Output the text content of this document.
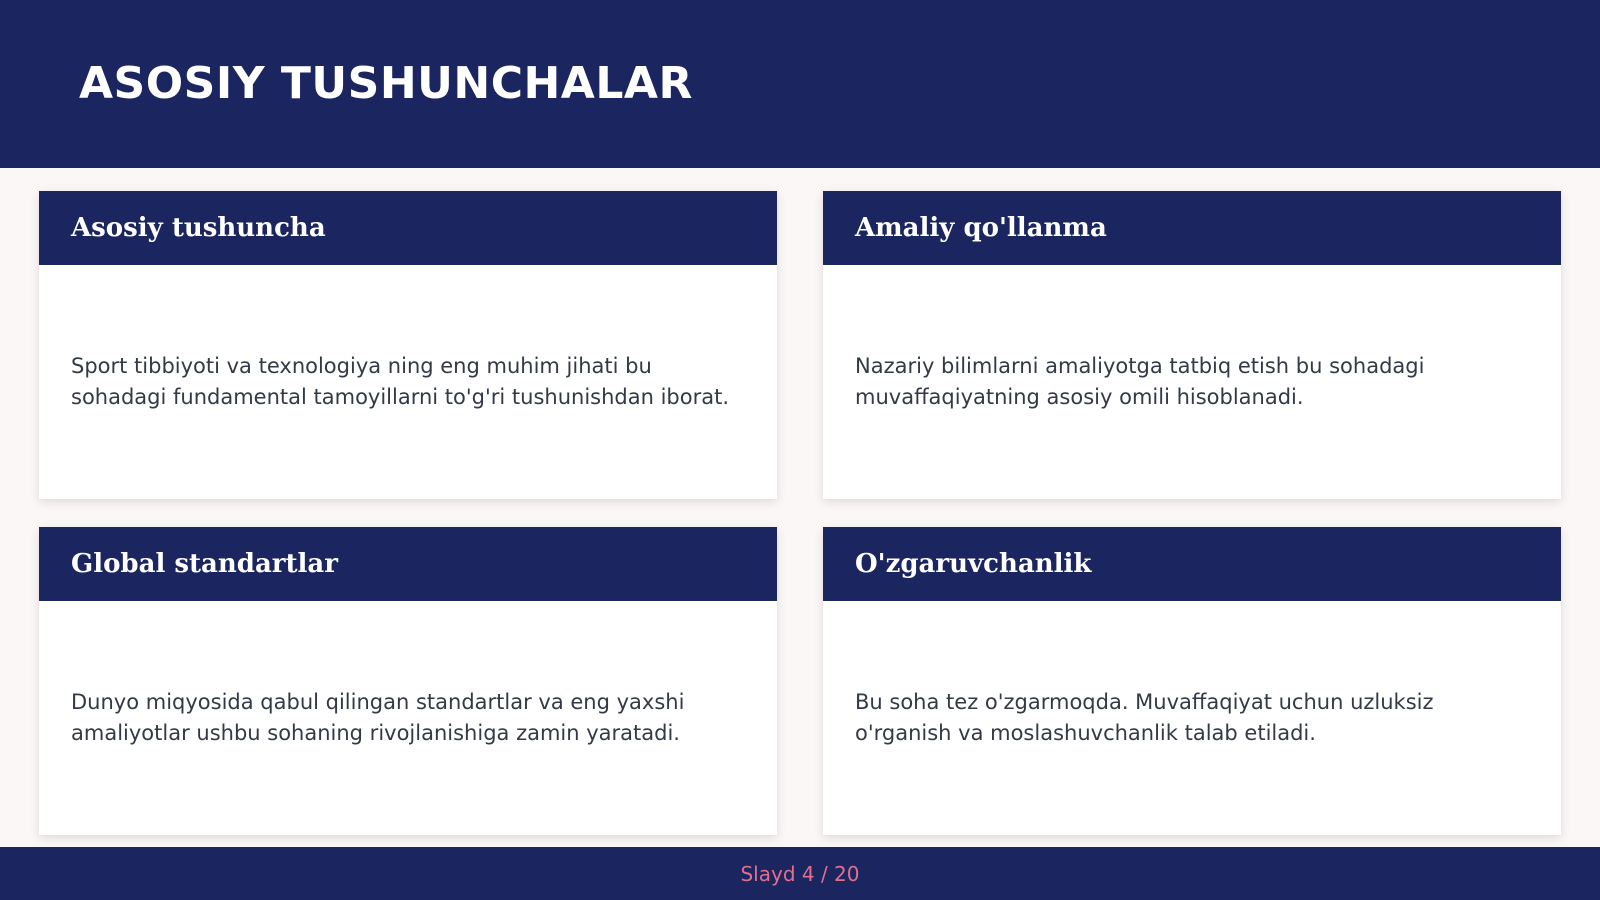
ASOSIY TUSHUNCHALAR
Asosiy tushuncha

Sport tibbiyoti va texnologiya ning eng muhim jihati bu sohadagi fundamental tamoyillarni to'g'ri tushunishdan iborat.

Amaliy qo'llanma

Nazariy bilimlarni amaliyotga tatbiq etish bu sohadagi muvaffaqiyatning asosiy omili hisoblanadi.

Global standartlar

Dunyo miqyosida qabul qilingan standartlar va eng yaxshi amaliyotlar ushbu sohaning rivojlanishiga zamin yaratadi.

O'zgaruvchanlik

Bu soha tez o'zgarmoqda. Muvaffaqiyat uchun uzluksiz o'rganish va moslashuvchanlik talab etiladi.

Slayd 4 / 20
